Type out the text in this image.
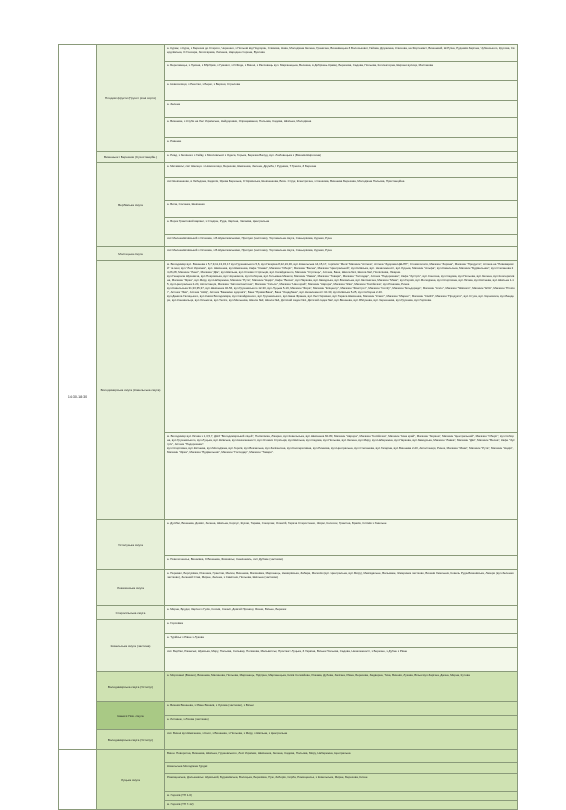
14:30-18:30	Плодові фрукти (Груші і різні сорти)	a. Кураж, з Курщ, з Березня до Старого, Черешня, з Польові від Подгорян, Сливова, Нова, Молодіжна Зелена, Гранична, Вишнівецька З Волоськової, Гайова, Дружинна, Ключова, на Фортемаст, Вишневий, Ш.Руїна, Рудників Зарічна, Чубинського, Кругова, Свердлівська, О.Гончара, Золотарева, Лисенка, Народна сторона, Вузлова
		a. Береговецьк, з Лукина, з Ббрбрив, з Гумової, з И.Фоде, з Вишні, з Рассоваць вул. Марганецька, Весняна, в Добрішнь Кравці, Березова, Садова, Польова, Коллекторна, Шкрони вулиця, Мостакова
		a. Новоселиця, з Решітки, з Берег, з Верхня, Стрелова
		a. Зелена
		a. Вишневе, з Клуби на Лес Українське, Нейдоровки, Опрацювання, Польова, Садова, Шкільна, Молодіжна
		a. Ровенке
	Вишеньок і Березняк (Сухостанційн.)	a. Риад, з Зелёного з Гайву, з Мисливської з Одеса, Горька, Березка Валуд, вул. Любовецька з (Вишнів.Широчина)
	Вербівська смуга	a. Метависьт, смт Шесеця. з Новоселиця, Березовк, Шевченка, Зелена, Дружба, І Рудника, Т.Грекса, З Березна
		смт Шевченково, в Лебедяна, Кадилія, Ярова Березька, З Українська, Шевченкова, Вєсн. Струк, Електрична, з Сашкова, Вишнева Березова, Молодіжна Польова, Пристанційна
		a. Вила, Сосонка, Шевченко
		a. Ворок Гранітовий варіант, з Стадіон, Руда, Зарічна, Чапаєва, Центральна
		смт Мелешківічівський з Осокова, з В.Шумиловськими, Прилуки (частково), Торговельна смуга, Синьорікова, Курная, Руна
	Мостецька смуга	смт Мелешківічівський з Осокова, з В.Шумиловськими, Прилуки (частково), Торговельна смуга, Синьорікова, Курная, Руна
	Володимирська смуга (Ковельська смуга)	м. Володимир вул. Вишнева з 5,7,9,11,13,15,17 вул.Грушевського 5,6, вул.Гагаріна 8,22,24,30, вул.Ковельська 14,15,17, торгівля "Мега" Магазин "Аптека", Аптека "Здорова ЦЕНТР", Стоматологія, Магазин "Зоряна", Магазин "Продукти", Аптека на "Пивоваровій" та інші, вул."Лесі Українки", вул. Шевченка, вул.Шевченка, Кафе "Смаки", Магазин "Оберіг", Магазин "Весна", Магазин "Центральний", вул.Київська, вул. Незалежності, вул.Луцька, Магазин "Альфа", вул.Ковельська, Магазин "Будівельник", вул.Степанова 24,26,28, Магазин "Люкс", Магазин "Дім", вул.Шкільна, вул.Січових Стрільців, вул.Сагайдачного, Магазин "Стрілець", Аптека, Банк, Школа №1, Школа №2, Поліклініка, Лікарня.
вул.Генерала Шухевича, вул.Покровська, вул.Чорновола, вул.Соборна, вул.Гетьмана Мазепи, Магазин "Лавка", Магазин "Товари", Магазин "Господар", Аптека "Подорожник", Кафе "Зустріч", вул.Сонячна, вул.Садова, вул.Польова, вул.Зелена, вул.Кооперативна, Магазин "Зірка", вул.Миру, вул.Набережна, Магазин "Рута", Магазин "Надія", Кафе "Весна", вул.Паркова, вул.Заводська, вул.Вокзальна, вул.Залізнична, Магазин "Маяк", вул.Героїв, вул.Молодіжна, вул.Спортивна, вул.Лісова, вул.Квітнева, вул.Шкільна 1-15, вул.Центральна 2-24, Автостанція, Магазин "Автозапчастини", Магазин "Сільпо", Магазин "Наш край", Магазин "Аврора", Магазин "Єва", Магазин "Копійочка", вул.Ринкова, Ринок.
вул.Ковельська 31,33,35,37, вул.Шевченка 40-56, вул.Грушевського 12-30, вул.Луцька 5-19, Магазин "Фора", Магазин "Епіцентр", Магазин "Фокстрот", Магазин "Comfy", Магазин "Ельдорадо", Магазин "Алло", Магазин "Watsons", Магазин "EVA", Магазин "Prostor", Аптека "Ліки", Аптека "АНЦ", Аптека "Бажаємо здоров'я", Банк "ПриватБанк", Банк "Ощадбанк", вул.Незалежності 10-30, вул.Київська 5-25, вул.Соборна 2-20.
вул.Данила Галицького, вул.Князя Володимира, вул.Сагайдачного, вул.Грушевського, вул.Івана Франка, вул.Лесі Українки, вул.Тараса Шевченка, Магазин "Класс", Магазин "Маркет", Магазин "Сім23", Магазин "Продукти", вул.Стуса, вул.Чорновола, вул.Бандери, вул.Коновальця, вул.Ольжича, вул.Теліги, вул.Мельника, Школа №3, Школа №4, Дитячий садок №1, Дитячий садок №2, вул.Вишнева, вул.Яблунева, вул.Черешнева, вул.Грушева, вул.Горіхова.

		м. Володимир вул.Лісова з 1,3,5,7, ДНЗ "Володимирський ліцей", Поліклініка, Лікарня, вул.Ковельська, вул.Шевченка 60-80, Магазин "Аврора", Магазин "Копійочка", Магазин "Наш край", Магазин "Зоряна", Магазин "Центральний", Магазин "Оберіг", вул.Соборна, вул.Грушевського, вул.Луцька, вул.Київська, вул.Незалежності, вул.Січових Стрільців, вул.Шкільна, вул.Садова, вул.Польова, вул.Зелена, вул.Миру, вул.Набережна, вул.Паркова, вул.Заводська, Магазин "Лавка", Магазин "Дім", Магазин "Весна", Кафе "Зустріч", Аптека "Подорожник".
вул.Спортивна, вул.Квітнева, вул.Молодіжна, вул.Героїв, вул.Вокзальна, вул.Залізнична, вул.Кооперативна, вул.Ринкова, вул.Центральна, вул.Степанова, вул.Гагаріна, вул.Вишнева 2-20, Автостанція, Ринок, Магазин "Маяк", Магазин "Рута", Магазин "Надія", Магазин "Зірка", Магазин "Будівельник", Магазин "Господар", Магазин "Товари".

	Устилузька смуга	a. Дулібні, Вишнева, Дозвіл, Зелена, Шкільна, Корпус, Жуков, Тарава, Сокорчак, Олексій, Гаряча Старостенко, Жирні, Колосок, Гранітна, Брасів, Сліпків з Хмельне
		a. Поволоченськ, Вишнівка, З Вишнева, Фомовськ, Сенкішевсь, смт Дубове (частково)
	Локачинська смуга	a. Перевал, Борсуківка, Рокошка, Гранітов, Малин, Вишнева, Малинівка, Марганець, Немирівська, Забара, Малосів (вул. Центральна, вул.Миру), Мевіздальне, Вальмаке, Жмеринка частково, Вишнів Хмельник, Ковель Руда-Вишнівська, Лазери (вул.Зеленая частково), Зелений Став, Мирне, Зелена, з Самітник, Польова, Шкільна (частково)
	Старосільська смуга	a. Мирне, Брудні, Зарічні з Гусів, Соснів, Сокалі, Довгий Пряниці, Ясени, Вільне, Березок
	Ковельська смуга (частина)	a. Горохівка
		a. Турійськ з Рівне з Лукова
		смт. Вербки, Ржанські, Шумська, Миру, Польова, Сильвар, Полякова, Мальвитськ, Проспект Луцька, З Україна, Вільна Польова, Садова, Незалежності, з Березне, з Дубне з Рівне
	Володимирська смуга (Устилуг)	a. Морочанкі (Вишня), Вишнева, Малинова, Польова, Марганець, Підгірна, Марганецька, Кизів Соловйове, Рожава, Дубова, Залізна, Рівна, Березова, Задворна, Тиха, Вишнів, Лукова, Вільні вул.Зарічна, Дачна, Мирна, Кутова
	Іваничі Нов. смуга	a. Вишнів Вишнева, з Рівне Вишнів, з Лукова (частково), з Вільні
		a. Литовеж, з Лісова (частково)
	Володимирська смуга (Устилуг)	смт. Вишні вул.Шевченка, з Кооп, з Вишнева, з Польова, з Миру, з Шкільна, з Центральна
	Луцька смуга	Вишн. Поворотна, Вишнева, Шкільна, Грушевського, Лесі Українки, Шевченка, Зелена, Садова, Польова, Миру, Набережна, Центральна
		Ковельська Молодіжна Гурджі
		Рожищенська, Дольшевськ. Шумський, Будниківська, Волицька, Березівка, Пуж, Зиборів, Сєрба, Рожищенськ, з Ковельська, Мирне, Березова, Кичне
		м. Горохів (ТП 1-6)
		м. Горохів (ТП 7-12)
